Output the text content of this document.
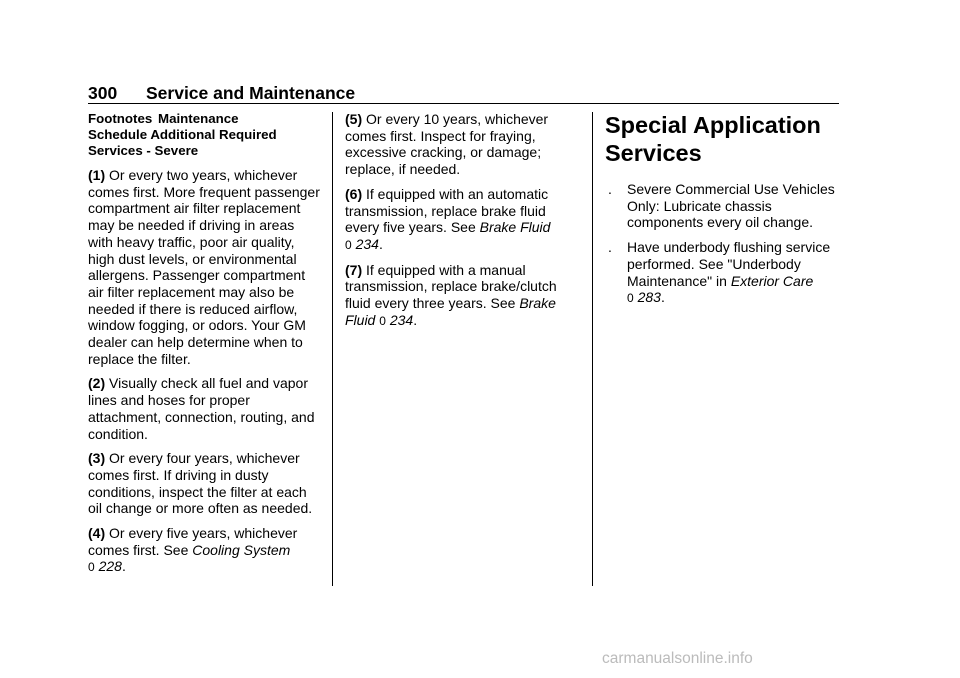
300 Service and Maintenance
Footnotes Maintenance
Schedule Additional Required
Services - Severe

(1) Or every two years, whichever comes first. More frequent passenger compartment air filter replacement may be needed if driving in areas with heavy traffic, poor air quality, high dust levels, or environmental allergens. Passenger compartment air filter replacement may also be needed if there is reduced airflow, window fogging, or odors. Your GM dealer can help determine when to replace the filter.

(2) Visually check all fuel and vapor lines and hoses for proper attachment, connection, routing, and condition.

(3) Or every four years, whichever comes first. If driving in dusty conditions, inspect the filter at each oil change or more often as needed.

(4) Or every five years, whichever comes first. See Cooling System
0 228.

(5) Or every 10 years, whichever comes first. Inspect for fraying, excessive cracking, or damage; replace, if needed.

(6) If equipped with an automatic transmission, replace brake fluid every five years. See Brake Fluid
0 234.

(7) If equipped with a manual transmission, replace brake/clutch fluid every three years. See Brake Fluid 0 234.

Special Application
Services
. Severe Commercial Use Vehicles Only: Lubricate chassis components every oil change.
. Have underbody flushing service performed. See "Underbody Maintenance" in Exterior Care
0 283.
carmanualsonline.info
